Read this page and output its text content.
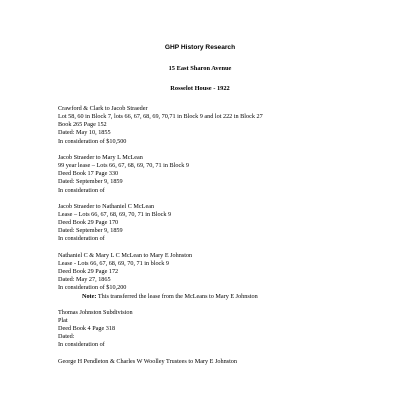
GHP History Research
15 East Sharon Avenue
Rosselot House - 1922
Crawford & Clark to Jacob Straeder
Lot 58, 60 in Block 7, lots 66, 67, 68, 69, 70,71 in Block 9 and lot 222 in Block 27
Book 265 Page 152
Dated: May 10, 1855
In consideration of $10,500
Jacob Straeder to Mary L McLean
99 year lease – Lots 66, 67, 68, 69, 70, 71 in Block 9
Deed Book 17 Page 330
Dated: September 9, 1859
In consideration of
Jacob Straeder to Nathaniel C McLean
Lease – Lots 66, 67, 68, 69, 70, 71 in Block 9
Deed Book 29 Page 170
Dated: September 9, 1859
In consideration of
Nathaniel C & Mary L C McLean to Mary E Johnston
Lease - Lots 66, 67, 68, 69, 70, 71 in block 9
Deed Book 29 Page 172
Dated: May 27, 1865
In consideration of $10,200
Note: This transferred the lease from the McLeans to Mary E Johnston
Thomas Johnston Subdivision
Plat
Deed Book 4 Page 318
Dated:
In consideration of
George H Pendleton & Charles W Woolley Trustees to Mary E Johnston
